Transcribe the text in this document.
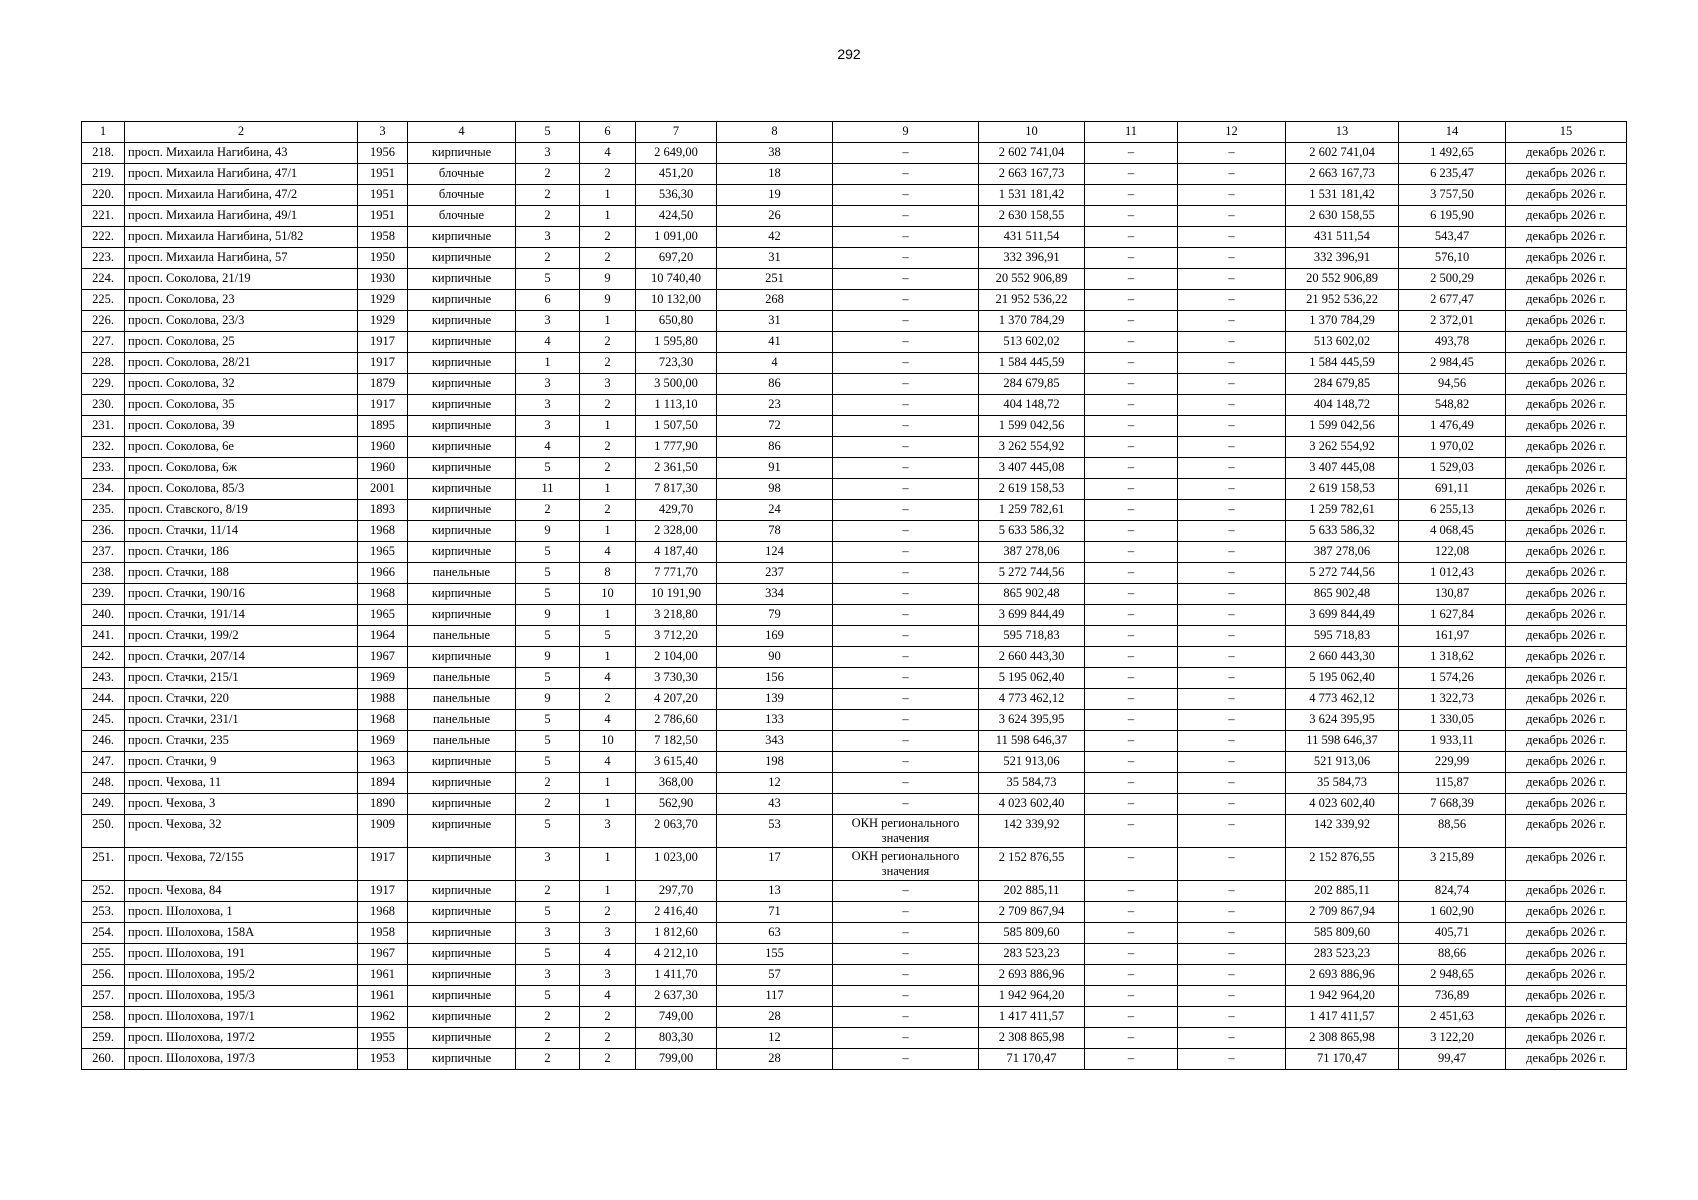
292
1	2	3	4	5	6	7	8	9	10	11	12	13	14	15
218.	просп. Михаила Нагибина, 43	1956	кирпичные	3	4	2 649,00	38	–	2 602 741,04	–	–	2 602 741,04	1 492,65	декабрь 2026 г.
219.	просп. Михаила Нагибина, 47/1	1951	блочные	2	2	451,20	18	–	2 663 167,73	–	–	2 663 167,73	6 235,47	декабрь 2026 г.
220.	просп. Михаила Нагибина, 47/2	1951	блочные	2	1	536,30	19	–	1 531 181,42	–	–	1 531 181,42	3 757,50	декабрь 2026 г.
221.	просп. Михаила Нагибина, 49/1	1951	блочные	2	1	424,50	26	–	2 630 158,55	–	–	2 630 158,55	6 195,90	декабрь 2026 г.
222.	просп. Михаила Нагибина, 51/82	1958	кирпичные	3	2	1 091,00	42	–	431 511,54	–	–	431 511,54	543,47	декабрь 2026 г.
223.	просп. Михаила Нагибина, 57	1950	кирпичные	2	2	697,20	31	–	332 396,91	–	–	332 396,91	576,10	декабрь 2026 г.
224.	просп. Соколова, 21/19	1930	кирпичные	5	9	10 740,40	251	–	20 552 906,89	–	–	20 552 906,89	2 500,29	декабрь 2026 г.
225.	просп. Соколова, 23	1929	кирпичные	6	9	10 132,00	268	–	21 952 536,22	–	–	21 952 536,22	2 677,47	декабрь 2026 г.
226.	просп. Соколова, 23/3	1929	кирпичные	3	1	650,80	31	–	1 370 784,29	–	–	1 370 784,29	2 372,01	декабрь 2026 г.
227.	просп. Соколова, 25	1917	кирпичные	4	2	1 595,80	41	–	513 602,02	–	–	513 602,02	493,78	декабрь 2026 г.
228.	просп. Соколова, 28/21	1917	кирпичные	1	2	723,30	4	–	1 584 445,59	–	–	1 584 445,59	2 984,45	декабрь 2026 г.
229.	просп. Соколова, 32	1879	кирпичные	3	3	3 500,00	86	–	284 679,85	–	–	284 679,85	94,56	декабрь 2026 г.
230.	просп. Соколова, 35	1917	кирпичные	3	2	1 113,10	23	–	404 148,72	–	–	404 148,72	548,82	декабрь 2026 г.
231.	просп. Соколова, 39	1895	кирпичные	3	1	1 507,50	72	–	1 599 042,56	–	–	1 599 042,56	1 476,49	декабрь 2026 г.
232.	просп. Соколова, 6е	1960	кирпичные	4	2	1 777,90	86	–	3 262 554,92	–	–	3 262 554,92	1 970,02	декабрь 2026 г.
233.	просп. Соколова, 6ж	1960	кирпичные	5	2	2 361,50	91	–	3 407 445,08	–	–	3 407 445,08	1 529,03	декабрь 2026 г.
234.	просп. Соколова, 85/3	2001	кирпичные	11	1	7 817,30	98	–	2 619 158,53	–	–	2 619 158,53	691,11	декабрь 2026 г.
235.	просп. Ставского, 8/19	1893	кирпичные	2	2	429,70	24	–	1 259 782,61	–	–	1 259 782,61	6 255,13	декабрь 2026 г.
236.	просп. Стачки, 11/14	1968	кирпичные	9	1	2 328,00	78	–	5 633 586,32	–	–	5 633 586,32	4 068,45	декабрь 2026 г.
237.	просп. Стачки, 186	1965	кирпичные	5	4	4 187,40	124	–	387 278,06	–	–	387 278,06	122,08	декабрь 2026 г.
238.	просп. Стачки, 188	1966	панельные	5	8	7 771,70	237	–	5 272 744,56	–	–	5 272 744,56	1 012,43	декабрь 2026 г.
239.	просп. Стачки, 190/16	1968	кирпичные	5	10	10 191,90	334	–	865 902,48	–	–	865 902,48	130,87	декабрь 2026 г.
240.	просп. Стачки, 191/14	1965	кирпичные	9	1	3 218,80	79	–	3 699 844,49	–	–	3 699 844,49	1 627,84	декабрь 2026 г.
241.	просп. Стачки, 199/2	1964	панельные	5	5	3 712,20	169	–	595 718,83	–	–	595 718,83	161,97	декабрь 2026 г.
242.	просп. Стачки, 207/14	1967	кирпичные	9	1	2 104,00	90	–	2 660 443,30	–	–	2 660 443,30	1 318,62	декабрь 2026 г.
243.	просп. Стачки, 215/1	1969	панельные	5	4	3 730,30	156	–	5 195 062,40	–	–	5 195 062,40	1 574,26	декабрь 2026 г.
244.	просп. Стачки, 220	1988	панельные	9	2	4 207,20	139	–	4 773 462,12	–	–	4 773 462,12	1 322,73	декабрь 2026 г.
245.	просп. Стачки, 231/1	1968	панельные	5	4	2 786,60	133	–	3 624 395,95	–	–	3 624 395,95	1 330,05	декабрь 2026 г.
246.	просп. Стачки, 235	1969	панельные	5	10	7 182,50	343	–	11 598 646,37	–	–	11 598 646,37	1 933,11	декабрь 2026 г.
247.	просп. Стачки, 9	1963	кирпичные	5	4	3 615,40	198	–	521 913,06	–	–	521 913,06	229,99	декабрь 2026 г.
248.	просп. Чехова, 11	1894	кирпичные	2	1	368,00	12	–	35 584,73	–	–	35 584,73	115,87	декабрь 2026 г.
249.	просп. Чехова, 3	1890	кирпичные	2	1	562,90	43	–	4 023 602,40	–	–	4 023 602,40	7 668,39	декабрь 2026 г.
250.	просп. Чехова, 32	1909	кирпичные	5	3	2 063,70	53	ОКН регионального значения	142 339,92	–	–	142 339,92	88,56	декабрь 2026 г.
251.	просп. Чехова, 72/155	1917	кирпичные	3	1	1 023,00	17	ОКН регионального значения	2 152 876,55	–	–	2 152 876,55	3 215,89	декабрь 2026 г.
252.	просп. Чехова, 84	1917	кирпичные	2	1	297,70	13	–	202 885,11	–	–	202 885,11	824,74	декабрь 2026 г.
253.	просп. Шолохова, 1	1968	кирпичные	5	2	2 416,40	71	–	2 709 867,94	–	–	2 709 867,94	1 602,90	декабрь 2026 г.
254.	просп. Шолохова, 158А	1958	кирпичные	3	3	1 812,60	63	–	585 809,60	–	–	585 809,60	405,71	декабрь 2026 г.
255.	просп. Шолохова, 191	1967	кирпичные	5	4	4 212,10	155	–	283 523,23	–	–	283 523,23	88,66	декабрь 2026 г.
256.	просп. Шолохова, 195/2	1961	кирпичные	3	3	1 411,70	57	–	2 693 886,96	–	–	2 693 886,96	2 948,65	декабрь 2026 г.
257.	просп. Шолохова, 195/3	1961	кирпичные	5	4	2 637,30	117	–	1 942 964,20	–	–	1 942 964,20	736,89	декабрь 2026 г.
258.	просп. Шолохова, 197/1	1962	кирпичные	2	2	749,00	28	–	1 417 411,57	–	–	1 417 411,57	2 451,63	декабрь 2026 г.
259.	просп. Шолохова, 197/2	1955	кирпичные	2	2	803,30	12	–	2 308 865,98	–	–	2 308 865,98	3 122,20	декабрь 2026 г.
260.	просп. Шолохова, 197/3	1953	кирпичные	2	2	799,00	28	–	71 170,47	–	–	71 170,47	99,47	декабрь 2026 г.
